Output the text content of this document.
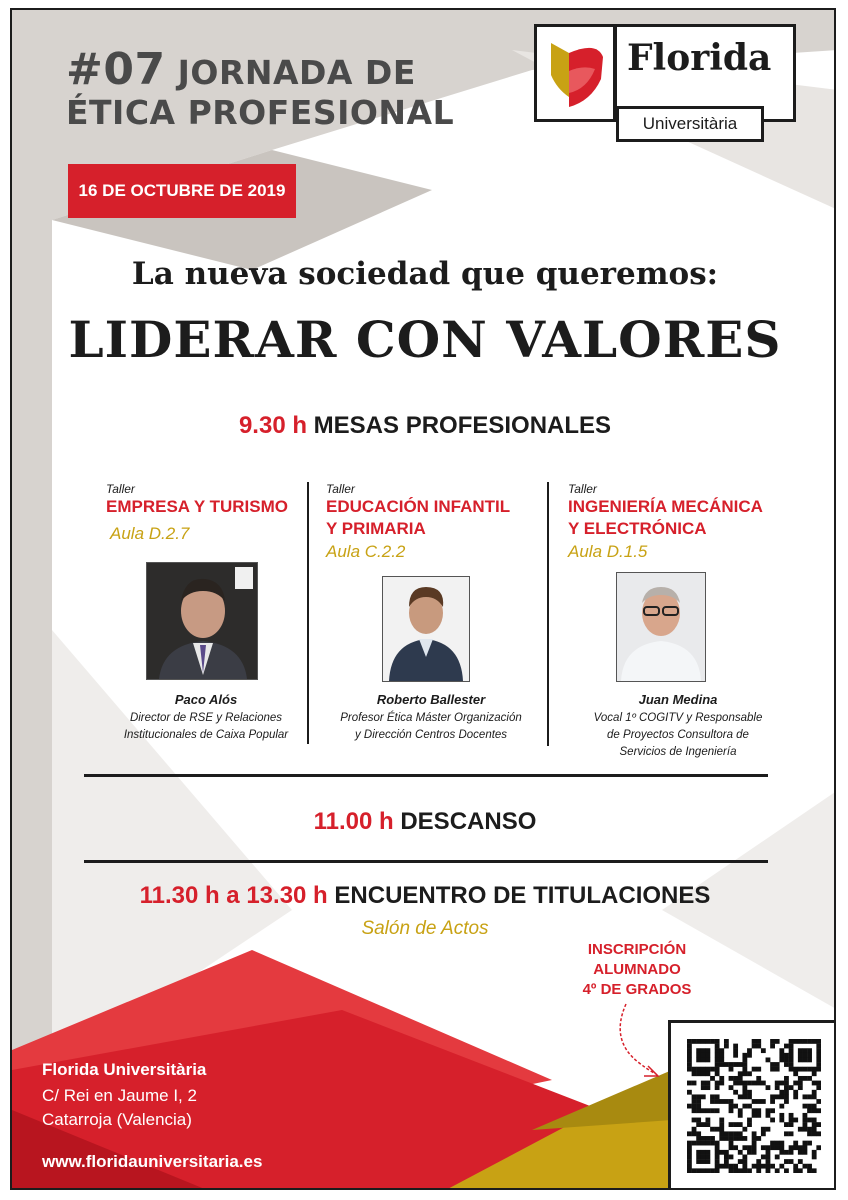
#07 JORNADA DE
ÉTICA PROFESIONAL
Florida
Universitària
16 DE OCTUBRE DE 2019
La nueva sociedad que queremos:
LIDERAR CON VALORES
9.30 h MESAS PROFESIONALES
Taller
EMPRESA Y TURISMO
Aula D.2.7
Paco Alós
Director de RSE y Relaciones
Institucionales de Caixa Popular
Taller
EDUCACIÓN INFANTIL
Y PRIMARIA
Aula C.2.2
Roberto Ballester
Profesor Ética Máster Organización
y Dirección Centros Docentes
Taller
INGENIERÍA MECÁNICA
Y ELECTRÓNICA
Aula D.1.5
Juan Medina
Vocal 1º COGITV y Responsable
de Proyectos Consultora de
Servicios de Ingeniería
11.00 h DESCANSO
11.30 h a 13.30 h ENCUENTRO DE TITULACIONES
Salón de Actos
INSCRIPCIÓN
ALUMNADO
4º DE GRADOS
Florida Universitària
C/ Rei en Jaume I, 2
Catarroja (Valencia)
www.floridauniversitaria.es
